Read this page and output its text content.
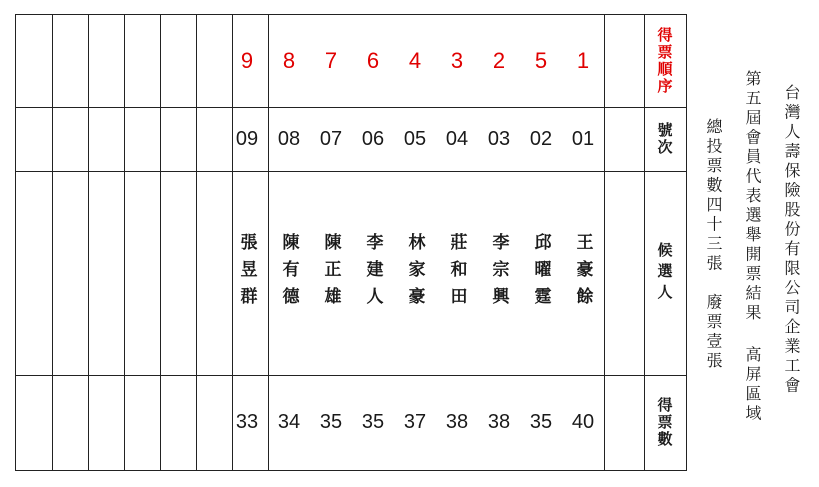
得票順序
號次
候選人
得票數
1
01
王豪餘
40
5
02
邱曜霆
35
2
03
李宗興
38
3
04
莊和田
38
4
05
林家豪
37
6
06
李建人
35
7
07
陳正雄
35
8
08
陳有德
34
9
09
張昱群
33
台灣人壽保險股份有限公司企業工會
第五屆會員代表選舉開票結果 高屏區域
總投票數四十三張　廢票壹張
